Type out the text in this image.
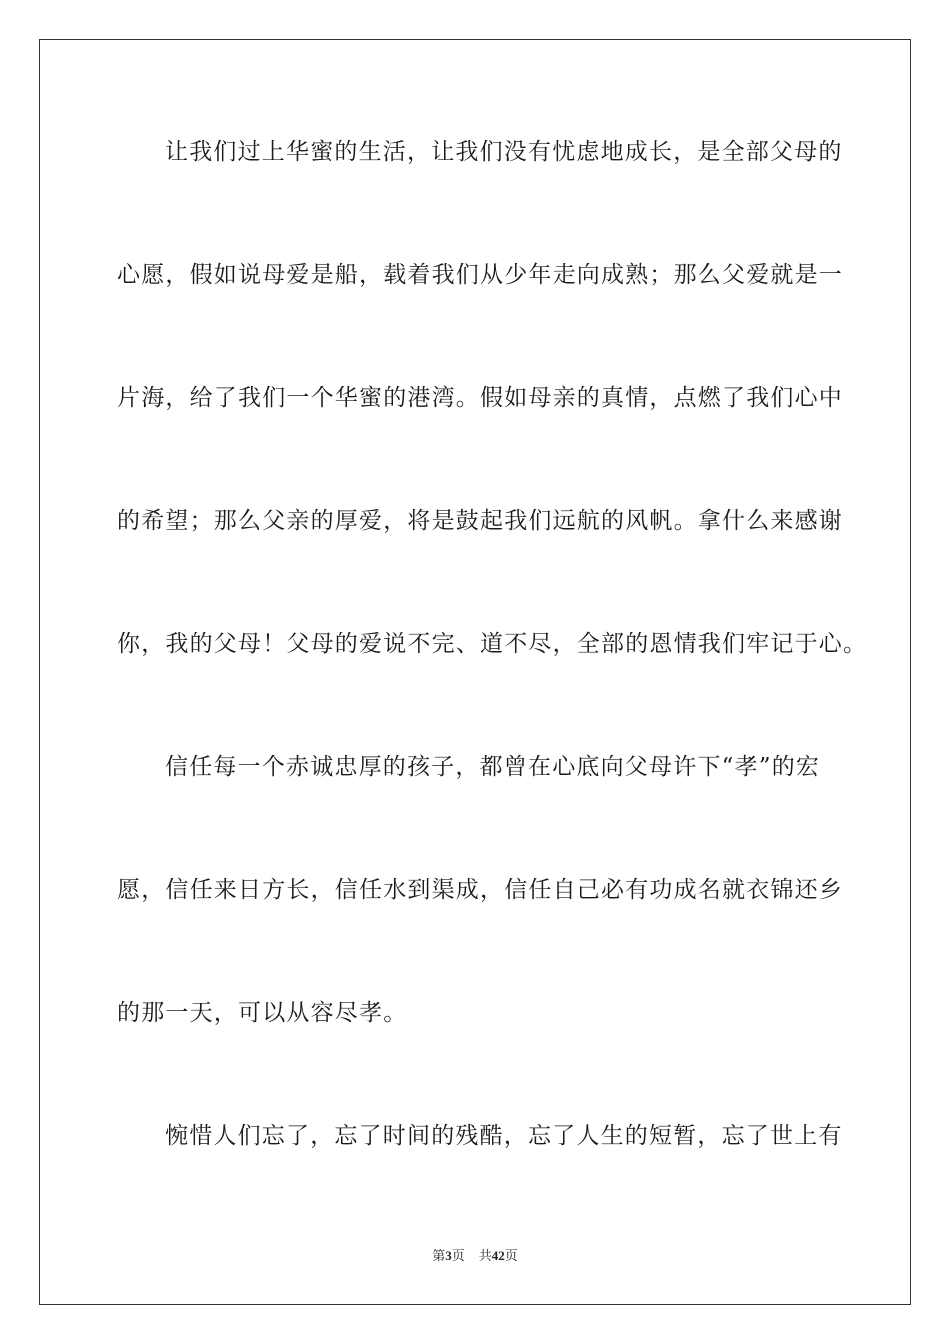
让我们过上华蜜的生活，让我们没有忧虑地成长，是全部父母的
心愿，假如说母爱是船，载着我们从少年走向成熟；那么父爱就是一
片海，给了我们一个华蜜的港湾。假如母亲的真情，点燃了我们心中
的希望；那么父亲的厚爱，将是鼓起我们远航的风帆。拿什么来感谢
你，我的父母！父母的爱说不完、道不尽，全部的恩情我们牢记于心。
信任每一个赤诚忠厚的孩子，都曾在心底向父母许下“孝”的宏
愿，信任来日方长，信任水到渠成，信任自己必有功成名就衣锦还乡
的那一天，可以从容尽孝。
惋惜人们忘了，忘了时间的残酷，忘了人生的短暂，忘了世上有
第3页 共42页
